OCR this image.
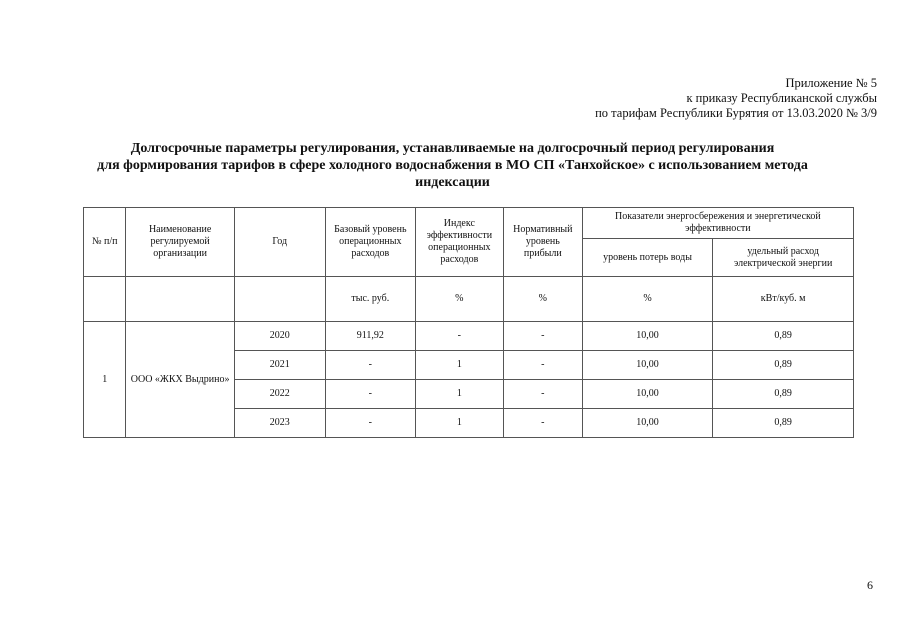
Приложение № 5
к приказу Республиканской службы
по тарифам Республики Бурятия от 13.03.2020 № 3/9
Долгосрочные параметры регулирования, устанавливаемые на долгосрочный период регулирования
для формирования тарифов в сфере холодного водоснабжения в МО СП «Танхойское» с использованием метода
индексации
№ п/п	Наименование регулируемой организации	Год	Базовый уровень операционных расходов	Индекс эффективности операционных расходов	Нормативный уровень прибыли	Показатели энергосбережения и энергетической эффективности	
						уровень потерь воды	удельный расход электрической энергии
			тыс. руб.	%	%	%	кВт/куб. м
1	ООО «ЖКХ Выдрино»	2020	911,92	-	-	10,00	0,89
		2021	-	1	-	10,00	0,89
		2022	-	1	-	10,00	0,89
		2023	-	1	-	10,00	0,89
6
